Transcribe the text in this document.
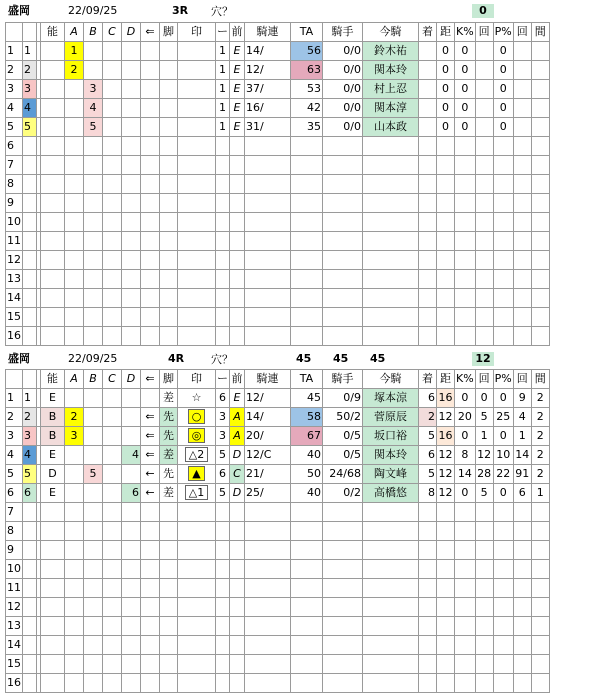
盛岡	22/09/25	3R 穴？	0
			能	A	B	C	D	⇐	脚	印	ー	前	騎連	TA	騎手	今騎	着	距	K%	回	P%	回	間
1	1			1							1	E	14/	56	0/0	鈴木祐		0	0		0		
2	2			2							1	E	12/	63	0/0	関本玲		0	0		0		
3	3				3						1	E	37/	53	0/0	村上忍		0	0		0		
4	4				4						1	E	16/	42	0/0	関本淳		0	0		0		
5	5				5						1	E	31/	35	0/0	山本政		0	0		0		
6																							
7																							
8																							
9																							
10																							
11																							
12																							
13																							
14																							
15																							
16																							
盛岡	22/09/25	4R 穴？	45 45 45	12
			能	A	B	C	D	⇐	脚	印	ー	前	騎連	TA	騎手	今騎	着	距	K%	回	P%	回	間
1	1		E						差	☆	6	E	12/	45	0/9	塚本涼	6	16	0	0	0	9	2
2	2		B	2				⇐	先	○	3	A	14/	58	50/2	菅原辰	2	12	20	5	25	4	2
3	3		B	3				⇐	先	◎	3	A	20/	67	0/5	坂口裕	5	16	0	1	0	1	2
4	4		E				4	⇐	差	△2	5	D	12/C	40	0/5	関本玲	6	12	8	12	10	14	2
5	5		D		5			←	先	▲	6	C	21/	50	24/68	陶文峰	5	12	14	28	22	91	2
6	6		E				6	←	差	△1	5	D	25/	40	0/2	高橋悠	8	12	0	5	0	6	1
7																							
8																							
9																							
10																							
11																							
12																							
13																							
14																							
15																							
16																							
